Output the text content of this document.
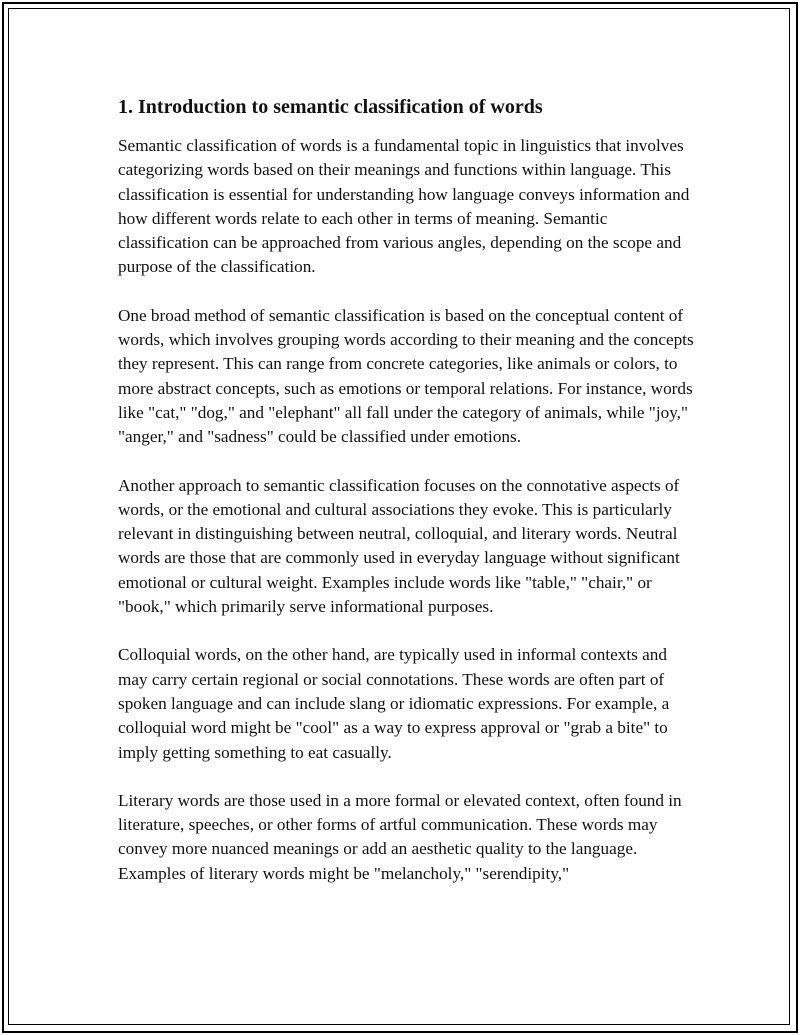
1. Introduction to semantic classification of words

Semantic classification of words is a fundamental topic in linguistics that involves categorizing words based on their meanings and functions within language. This classification is essential for understanding how language conveys information and how different words relate to each other in terms of meaning. Semantic classification can be approached from various angles, depending on the scope and purpose of the classification.

One broad method of semantic classification is based on the conceptual content of words, which involves grouping words according to their meaning and the concepts they represent. This can range from concrete categories, like animals or colors, to more abstract concepts, such as emotions or temporal relations. For instance, words like "cat," "dog," and "elephant" all fall under the category of animals, while "joy," "anger," and "sadness" could be classified under emotions.

Another approach to semantic classification focuses on the connotative aspects of words, or the emotional and cultural associations they evoke. This is particularly relevant in distinguishing between neutral, colloquial, and literary words. Neutral words are those that are commonly used in everyday language without significant emotional or cultural weight. Examples include words like "table," "chair," or "book," which primarily serve informational purposes.

Colloquial words, on the other hand, are typically used in informal contexts and may carry certain regional or social connotations. These words are often part of spoken language and can include slang or idiomatic expressions. For example, a colloquial word might be "cool" as a way to express approval or "grab a bite" to imply getting something to eat casually.

Literary words are those used in a more formal or elevated context, often found in literature, speeches, or other forms of artful communication. These words may convey more nuanced meanings or add an aesthetic quality to the language. Examples of literary words might be "melancholy," "serendipity,"
